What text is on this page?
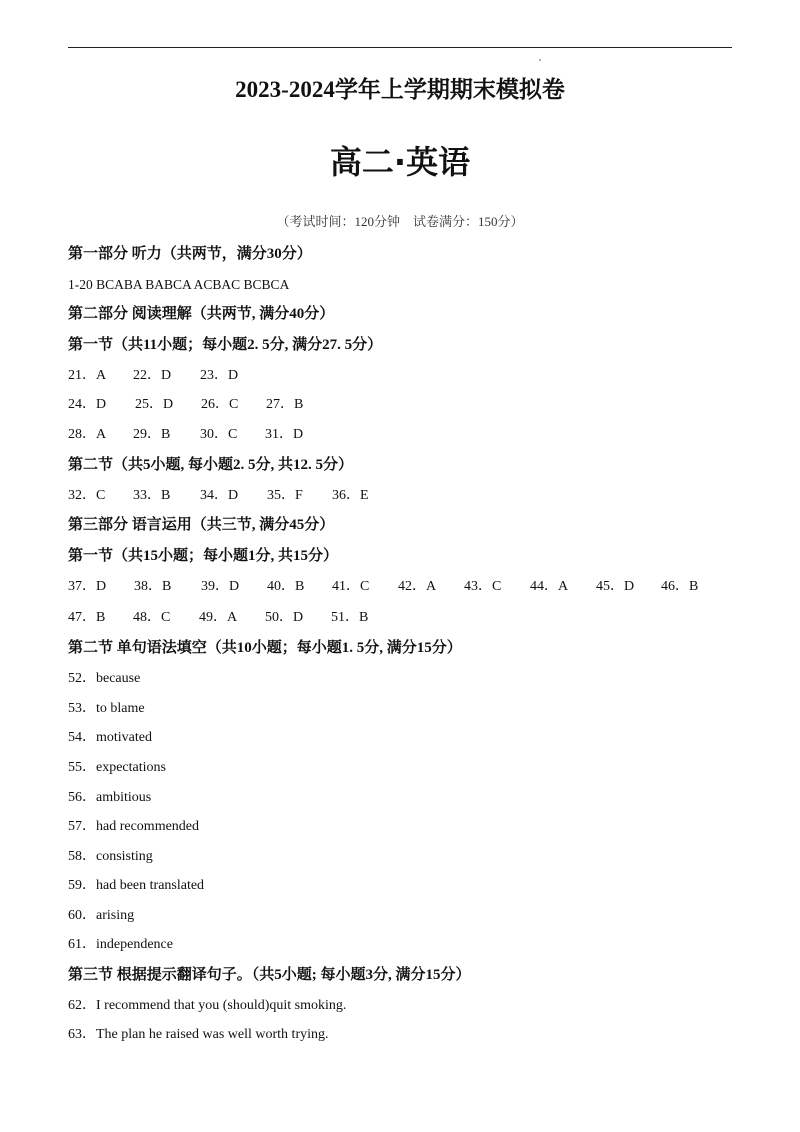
2023-2024学年上学期期末模拟卷
高二·英语
（考试时间：120分钟　试卷满分：150分）
第一部分 听力（共两节，满分30分）
1-20 BCABA BABCA ACBAC BCBCA
第二部分 阅读理解（共两节, 满分40分）
第一节（共11小题；每小题2. 5分, 满分27. 5分）
21．A 22．D 23．D
24．D 25．D 26．C 27．B
28．A 29．B 30．C 31．D
第二节（共5小题, 每小题2. 5分, 共12. 5分）
32．C 33．B 34．D 35．F 36．E
第三部分 语言运用（共三节, 满分45分）
第一节（共15小题；每小题1分, 共15分）
37．D 38．B 39．D 40．B 41．C 42．A 43．C 44．A 45．D 46．B
47．B 48．C 49．A 50．D 51．B
第二节 单句语法填空（共10小题；每小题1. 5分, 满分15分）
52．because
53．to blame
54．motivated
55．expectations
56．ambitious
57．had recommended
58．consisting
59．had been translated
60．arising
61．independence
第三节 根据提示翻译句子。（共5小题; 每小题3分, 满分15分）
62．I recommend that you (should)quit smoking.
63．The plan he raised was well worth trying.
